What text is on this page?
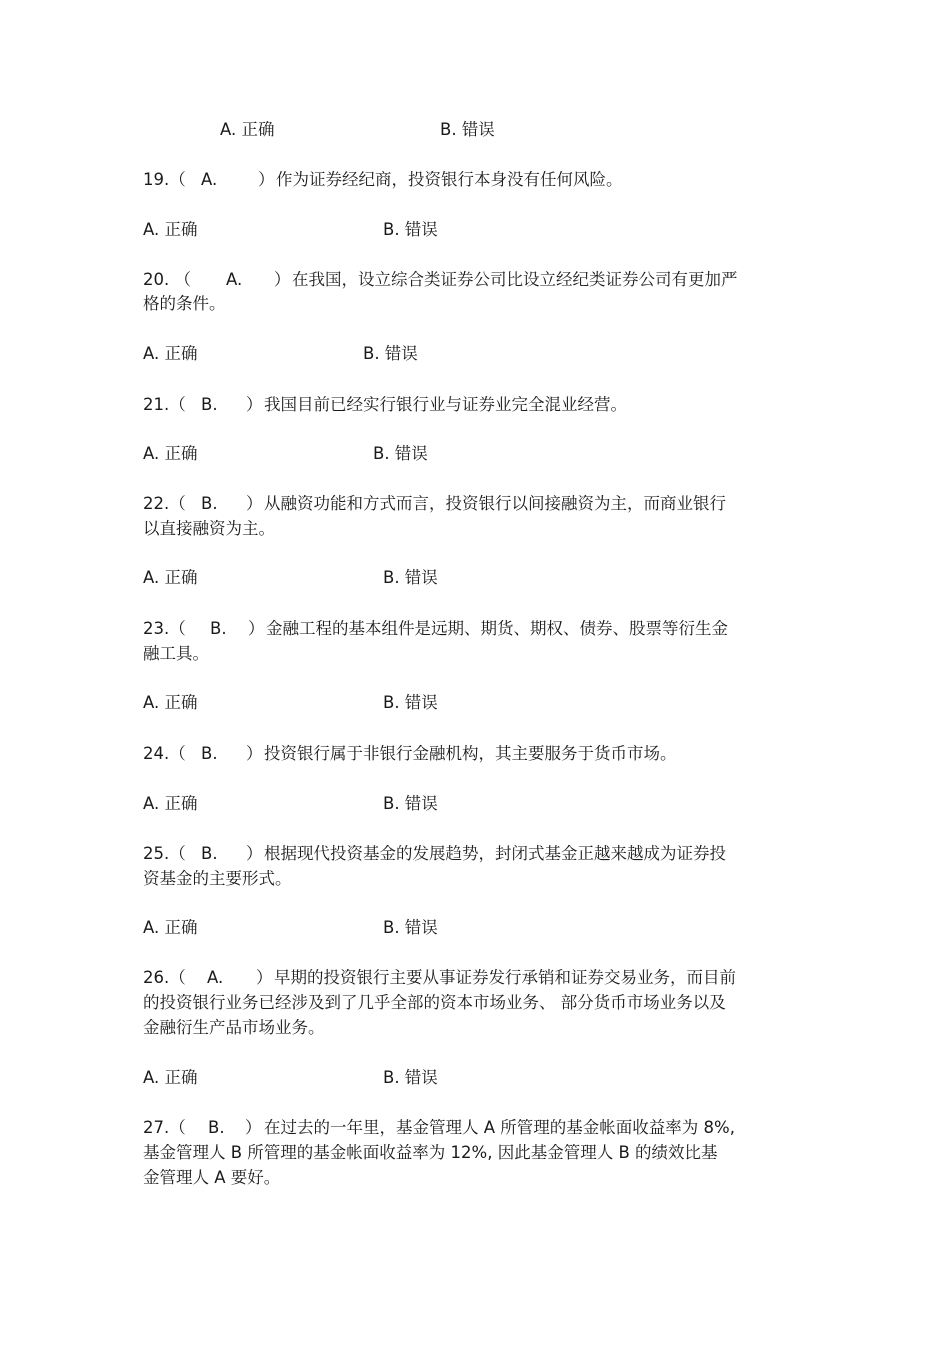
A. 正确	B. 错误
19.（ A. ） 作为证券经纪商，投资银行本身没有任何风险。
A. 正确	B. 错误
20. （ A. ） 在我国，设立综合类证券公司比设立经纪类证券公司有更加严
格的条件。
A. 正确	B. 错误
21.（ B. ） 我国目前已经实行银行业与证券业完全混业经营。
A. 正确	B. 错误
22.（ B. ） 从融资功能和方式而言，投资银行以间接融资为主，而商业银行
以直接融资为主。
A. 正确	B. 错误
23.（ B. ） 金融工程的基本组件是远期、期货、期权、债券、股票等衍生金
融工具。
A. 正确	B. 错误
24.（ B. ） 投资银行属于非银行金融机构，其主要服务于货币市场。
A. 正确	B. 错误
25.（ B. ） 根据现代投资基金的发展趋势，封闭式基金正越来越成为证券投
资基金的主要形式。
A. 正确	B. 错误
26.（ A. ） 早期的投资银行主要从事证券发行承销和证券交易业务，而目前
的投资银行业务已经涉及到了几乎全部的资本市场业务、 部分货币市场业务以及
金融衍生产品市场业务。
A. 正确	B. 错误
27.（ B. ） 在过去的一年里，基金管理人 A 所管理的基金帐面收益率为 8%,
基金管理人 B 所管理的基金帐面收益率为 12%, 因此基金管理人 B 的绩效比基
金管理人 A 要好。
